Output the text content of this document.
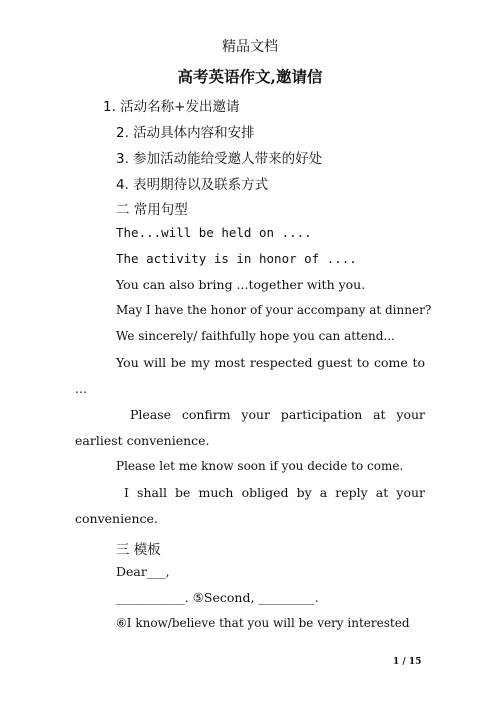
精品文档
高考英语作文,邀请信
1. 活动名称+发出邀请
2. 活动具体内容和安排
3. 参加活动能给受邀人带来的好处
4. 表明期待以及联系方式
二 常用句型
The...will be held on ....
The activity is in honor of ....
You can also bring ...together with you.
May I have the honor of your accompany at dinner?
We sincerely/ faithfully hope you can attend...
You will be my most respected guest to come to
...
Please confirm your participation at your
earliest convenience.
Please let me know soon if you decide to come.
I shall be much obliged by a reply at your
convenience.
三 模板
Dear___,
___________. ⑤Second, _________.
⑥I know/believe that you will be very interested
1 / 15
